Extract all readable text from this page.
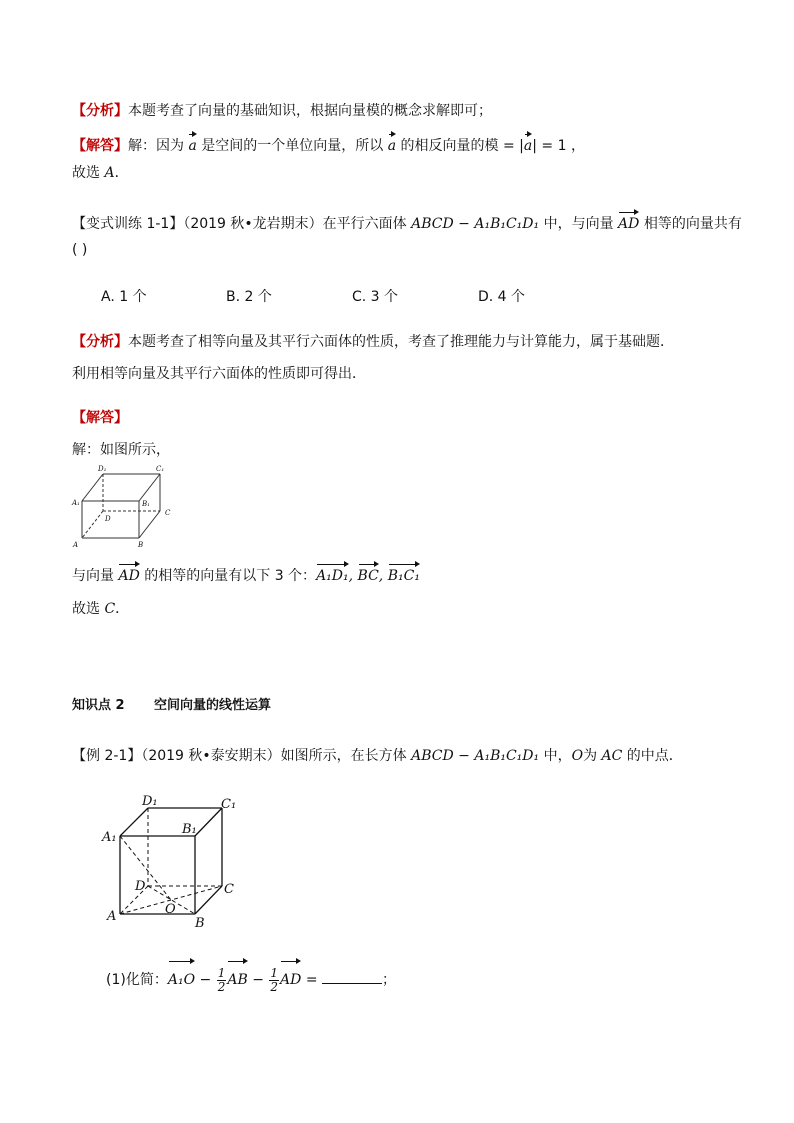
【分析】本题考查了向量的基础知识，根据向量模的概念求解即可；
【解答】解：因为 a 是空间的一个单位向量，所以 a 的相反向量的模 = |a| = 1 ，
故选 A．
【变式训练 1-1】（2019 秋•龙岩期末）在平行六面体 ABCD − A₁B₁C₁D₁ 中，与向量 AD 相等的向量共有
( )
A. 1 个	B. 2 个	C. 3 个	D. 4 个
【分析】本题考查了相等向量及其平行六面体的性质，考查了推理能力与计算能力，属于基础题．
利用相等向量及其平行六面体的性质即可得出．
【解答】
解：如图所示，
D₁	C₁
A₁	B₁
D
C
A	B
与向量 AD 的相等的向量有以下 3 个：A₁D₁, BC, B₁C₁
故选 C．
知识点 2 空间向量的线性运算
【例 2-1】（2019 秋•泰安期末）如图所示，在长方体 ABCD − A₁B₁C₁D₁ 中，O为 AC 的中点．
D₁	C₁
A₁
B₁
D	C
A	B
O
(1)化简：$A_1O - \frac{1}{2}$ AB − $\frac{1}{2}$ AD =	；
